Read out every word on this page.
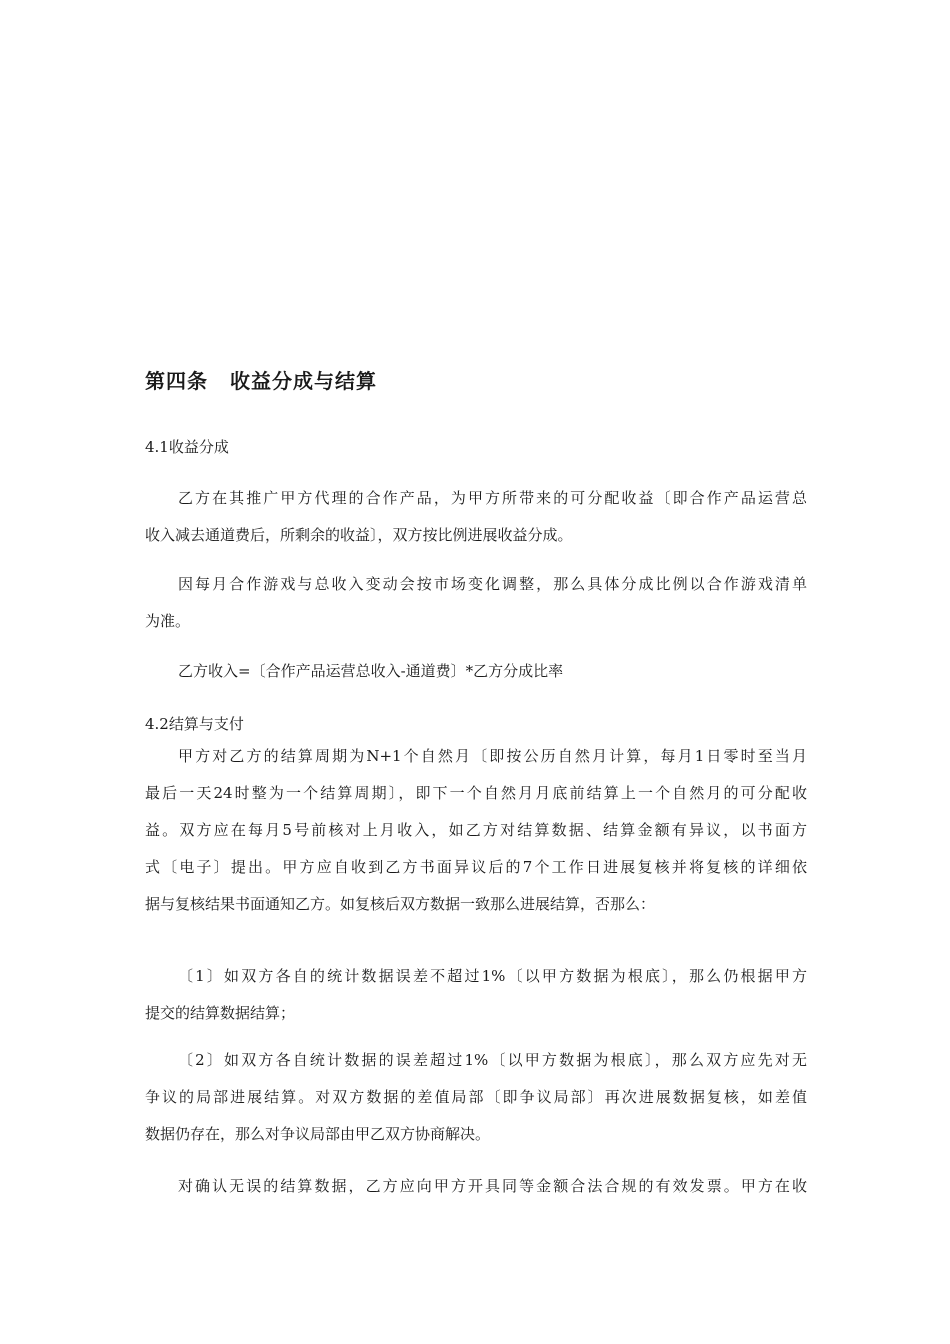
第四条 收益分成与结算

4.1收益分成

乙方在其推广甲方代理的合作产品，为甲方所带来的可分配收益〔即合作产品运营总
收入减去通道费后，所剩余的收益〕，双方按比例进展收益分成。

因每月合作游戏与总收入变动会按市场变化调整，那么具体分成比例以合作游戏清单
为准。

乙方收入=〔合作产品运营总收入-通道费〕*乙方分成比率

4.2结算与支付

甲方对乙方的结算周期为N+1个自然月〔即按公历自然月计算，每月1日零时至当月
最后一天24时整为一个结算周期〕，即下一个自然月月底前结算上一个自然月的可分配收
益。双方应在每月5号前核对上月收入，如乙方对结算数据、结算金额有异议，以书面方
式〔电子〕提出。甲方应自收到乙方书面异议后的7个工作日进展复核并将复核的详细依
据与复核结果书面通知乙方。如复核后双方数据一致那么进展结算，否那么：

〔1〕如双方各自的统计数据误差不超过1%〔以甲方数据为根底〕，那么仍根据甲方
提交的结算数据结算；

〔2〕如双方各自统计数据的误差超过1%〔以甲方数据为根底〕，那么双方应先对无
争议的局部进展结算。对双方数据的差值局部〔即争议局部〕再次进展数据复核，如差值
数据仍存在，那么对争议局部由甲乙双方协商解决。

对确认无误的结算数据，乙方应向甲方开具同等金额合法合规的有效发票。甲方在收
